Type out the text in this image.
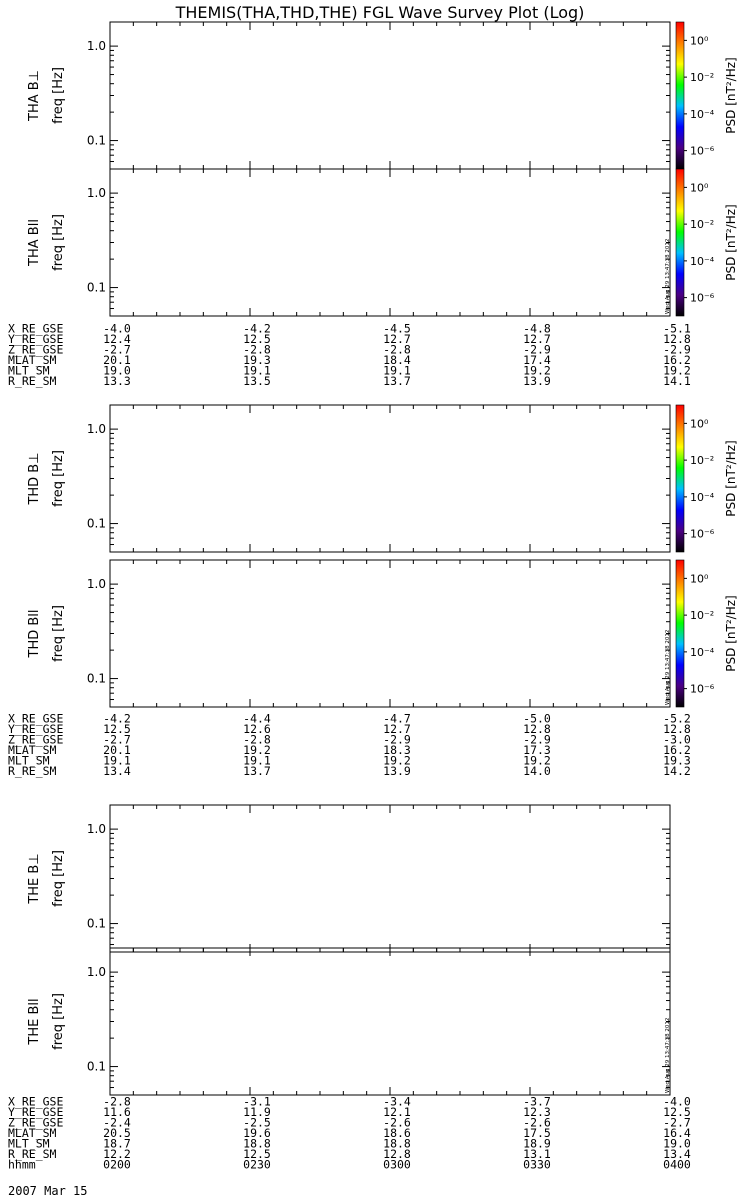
THEMIS(THA,THD,THE) FGL Wave Survey Plot (Log)
1.0
0.1
THA B⊥ freq [Hz]
1.0
0.1
THA Bll freq [Hz]	Wed Aug 29 13:47:38 2012
1.0
0.1
THD B⊥ freq [Hz]
1.0
0.1
THD Bll freq [Hz]	Wed Aug 29 13:47:38 2012
1.0
0.1
THE B⊥ freq [Hz]
1.0
0.1
THE Bll freq [Hz]	Wed Aug 29 13:47:38 2012
10⁰
10⁻²
10⁻⁴
10⁻⁶
PSD [nT²/Hz]
10⁰
10⁻²
10⁻⁴
10⁻⁶
PSD [nT²/Hz]
10⁰
10⁻²
10⁻⁴
10⁻⁶
PSD [nT²/Hz]
10⁰
10⁻²
10⁻⁴
10⁻⁶
PSD [nT²/Hz]
X_RE_GSE	-4.0	-4.2	-4.5	-4.8	-5.1
Y_RE_GSE	12.4	12.5	12.7	12.7	12.8
Z_RE_GSE	-2.7	-2.8	-2.8	-2.9	-2.9
MLAT_SM	20.1	19.3	18.4	17.4	16.2
MLT_SM	19.0	19.1	19.1	19.2	19.2
R_RE_SM	13.3	13.5	13.7	13.9	14.1
X_RE_GSE	-4.2	-4.4	-4.7	-5.0	-5.2
Y_RE_GSE	12.5	12.6	12.7	12.8	12.8
Z_RE_GSE	-2.7	-2.8	-2.9	-2.9	-3.0
MLAT_SM	20.1	19.2	18.3	17.3	16.2
MLT_SM	19.1	19.1	19.2	19.2	19.3
R_RE_SM	13.4	13.7	13.9	14.0	14.2
X_RE_GSE	-2.8	-3.1	-3.4	-3.7	-4.0
Y_RE_GSE	11.6	11.9	12.1	12.3	12.5
Z_RE_GSE	-2.4	-2.5	-2.6	-2.6	-2.7
MLAT_SM	20.5	19.6	18.6	17.5	16.4
MLT_SM	18.7	18.8	18.8	18.9	19.0
R_RE_SM	12.2	12.5	12.8	13.1	13.4
hhmm	0200	0230	0300	0330	0400
2007 Mar 15
